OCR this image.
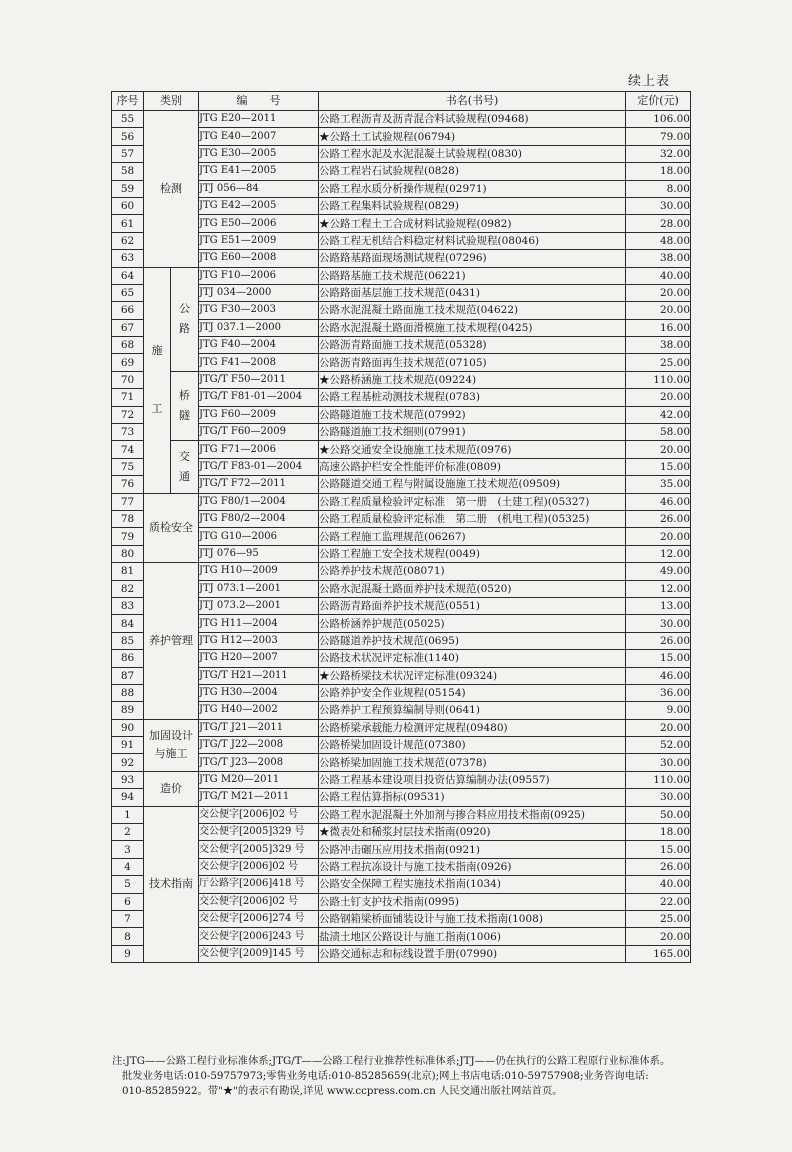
续上表
序号	类别		编　　号	书名(书号)	定价(元)
55	检测		JTG E20—2011	公路工程沥青及沥青混合料试验规程(09468)	106.00
56			JTG E40—2007	★公路土工试验规程(06794)	79.00
57			JTG E30—2005	公路工程水泥及水泥混凝土试验规程(0830)	32.00
58			JTG E41—2005	公路工程岩石试验规程(0828)	18.00
59			JTJ 056—84	公路工程水质分析操作规程(02971)	8.00
60			JTG E42—2005	公路工程集料试验规程(0829)	30.00
61			JTG E50—2006	★公路工程土工合成材料试验规程(0982)	28.00
62			JTG E51—2009	公路工程无机结合料稳定材料试验规程(08046)	48.00
63			JTG E60—2008	公路路基路面现场测试规程(07296)	38.00
64	施工	公路	JTG F10—2006	公路路基施工技术规范(06221)	40.00
65			JTJ 034—2000	公路路面基层施工技术规范(0431)	20.00
66			JTG F30—2003	公路水泥混凝土路面施工技术规范(04622)	20.00
67			JTJ 037.1—2000	公路水泥混凝土路面滑模施工技术规程(0425)	16.00
68			JTG F40—2004	公路沥青路面施工技术规范(05328)	38.00
69			JTG F41—2008	公路沥青路面再生技术规范(07105)	25.00
70		桥隧	JTG/T F50—2011	★公路桥涵施工技术规范(09224)	110.00
71			JTG/T F81-01—2004	公路工程基桩动测技术规程(0783)	20.00
72			JTG F60—2009	公路隧道施工技术规范(07992)	42.00
73			JTG/T F60—2009	公路隧道施工技术细则(07991)	58.00
74		交通	JTG F71—2006	★公路交通安全设施施工技术规范(0976)	20.00
75			JTG/T F83-01—2004	高速公路护栏安全性能评价标准(0809)	15.00
76			JTG/T F72—2011	公路隧道交通工程与附属设施施工技术规范(09509)	35.00
77	质检安全		JTG F80/1—2004	公路工程质量检验评定标准　第一册　(土建工程)(05327)	46.00
78			JTG F80/2—2004	公路工程质量检验评定标准　第二册　(机电工程)(05325)	26.00
79			JTG G10—2006	公路工程施工监理规范(06267)	20.00
80			JTJ 076—95	公路工程施工安全技术规程(0049)	12.00
81	养护管理		JTG H10—2009	公路养护技术规范(08071)	49.00
82			JTJ 073.1—2001	公路水泥混凝土路面养护技术规范(0520)	12.00
83			JTJ 073.2—2001	公路沥青路面养护技术规范(0551)	13.00
84			JTG H11—2004	公路桥涵养护规范(05025)	30.00
85			JTG H12—2003	公路隧道养护技术规范(0695)	26.00
86			JTG H20—2007	公路技术状况评定标准(1140)	15.00
87			JTG/T H21—2011	★公路桥梁技术状况评定标准(09324)	46.00
88			JTG H30—2004	公路养护安全作业规程(05154)	36.00
89			JTG H40—2002	公路养护工程预算编制导则(0641)	9.00
90	加固设计与施工		JTG/T J21—2011	公路桥梁承载能力检测评定规程(09480)	20.00
91			JTG/T J22—2008	公路桥梁加固设计规范(07380)	52.00
92			JTG/T J23—2008	公路桥梁加固施工技术规范(07378)	30.00
93	造价		JTG M20—2011	公路工程基本建设项目投资估算编制办法(09557)	110.00
94			JTG/T M21—2011	公路工程估算指标(09531)	30.00
1	技术指南		交公便字[2006]02 号	公路工程水泥混凝土外加剂与掺合料应用技术指南(0925)	50.00
2			交公便字[2005]329 号	★微表处和稀浆封层技术指南(0920)	18.00
3			交公便字[2005]329 号	公路冲击碾压应用技术指南(0921)	15.00
4			交公便字[2006]02 号	公路工程抗冻设计与施工技术指南(0926)	26.00
5			厅公路字[2006]418 号	公路安全保障工程实施技术指南(1034)	40.00
6			交公便字[2006]02 号	公路土钉支护技术指南(0995)	22.00
7			交公便字[2006]274 号	公路钢箱梁桥面铺装设计与施工技术指南(1008)	25.00
8			交公便字[2006]243 号	盐渍土地区公路设计与施工指南(1006)	20.00
9			交公便字[2009]145 号	公路交通标志和标线设置手册(07990)	165.00
注:JTG——公路工程行业标准体系;JTG/T——公路工程行业推荐性标准体系;JTJ——仍在执行的公路工程原行业标准体系。
批发业务电话:010-59757973;零售业务电话:010-85285659(北京);网上书店电话:010-59757908;业务咨询电话:
010-85285922。带"★"的表示有勘误,详见 www.ccpress.com.cn 人民交通出版社网站首页。
